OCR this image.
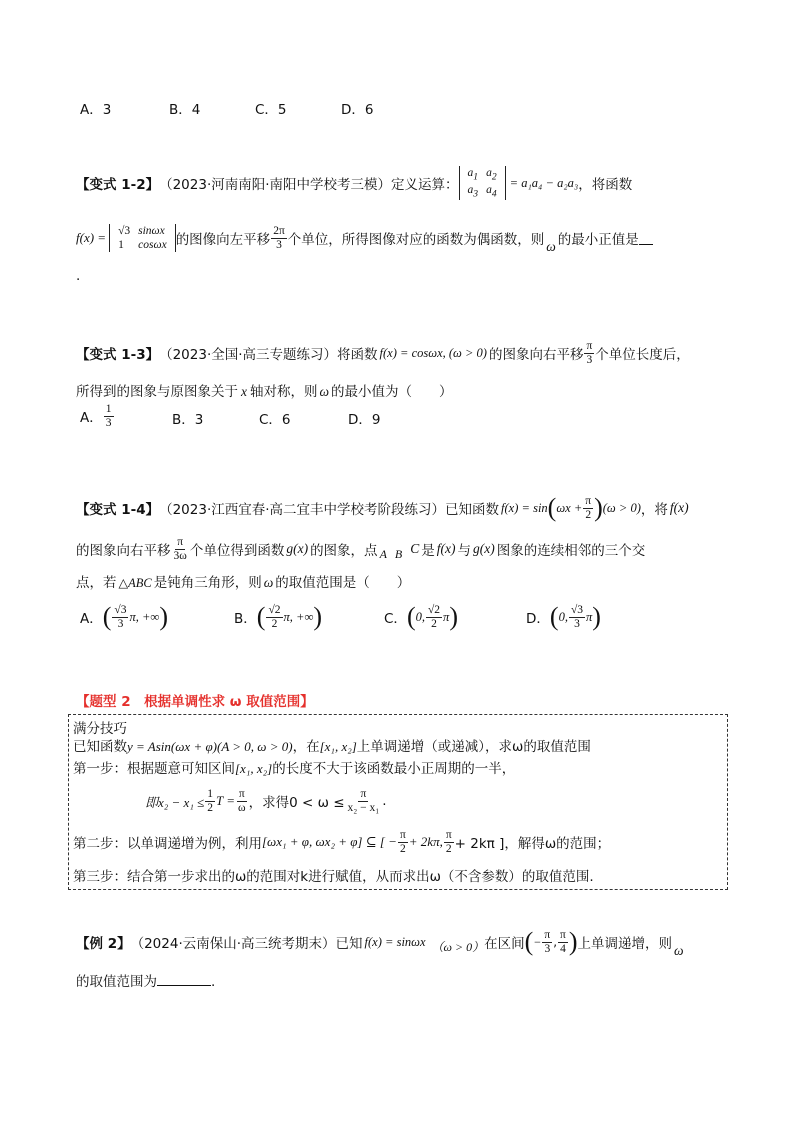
A．3	B．4	C．5	D．6
【变式 1-2】 （2023·河南南阳·南阳中学校考三模）定义运算：
$a_1$	$a_2$
$a_3$	$a_4$
= a₁a₄ − a₂a₃ ，将函数
f(x) = √3	sinωx
1	cosωx 的图像向左平移 $\frac{2\pi}{3}$ 个单位，所得图像对应的函数为偶函数，则 ω 的最小正值是
.
【变式 1-3】 （2023·全国·高三专题练习）将函数 f(x) = cosωx, (ω > 0) 的图象向右平移 $\frac{\pi}{3}$ 个单位长度后，
所得到的图象与原图象关于 x 轴对称，则 ω 的最小值为（　　）
A． $\frac{1}{3}$	B．3	C．6	D．9
【变式 1-4】 （2023·江西宜春·高二宜丰中学校考阶段练习）已知函数 f(x) = sin ( $\omega x + \frac{\pi}{2}$ ) (ω > 0) ，将 f(x)
的图象向右平移 $\frac{\pi}{3\omega}$ 个单位得到函数 g(x) 的图象，点 A B C 是 f(x) 与 g(x) 图象的连续相邻的三个交
点，若 △ABC 是钝角三角形，则 ω 的取值范围是（　　）
A． ( $\frac{√3}{3} \pi$, +∞ )	B． ( $\frac{√2}{2} \pi$, +∞ )	C． ( 0, $\frac{√2}{2}$ π )	D． ( 0, $\frac{√3}{3}$ π )
【题型 2　根据单调性求 ω 取值范围】
满分技巧
已知函数y = Asin(ωx + φ)(A > 0, ω > 0)，在[x₁, x₂]上单调递增（或递减），求ω的取值范围
第一步：根据题意可知区间[x₁, x₂]的长度不大于该函数最小正周期的一半，
即$x_2 - x_1 \le \frac{1}{2}$ $T = \frac{\pi}{\omega}$ ，求得$0 < \omega \le \frac{\pi}{\text{x₂ − x₁}}$ .
第二步：以单调递增为例，利用 [ωx₁ + φ, ωx₂ + φ] ⊆ [ − $\frac{\pi}{2} + 2k\pi$, $\frac{\pi}{2} + 2k\pi$ ]，解得ω的范围；
第三步：结合第一步求出的ω的范围对k进行赋值，从而求出ω（不含参数）的取值范围.
【例 2】 （2024·云南保山·高三统考期末）已知 f(x) = sinωx （ω > 0） 在区间 ( − $\frac{\pi}{3}$ , $\frac{\pi}{4}$ ) 上单调递增，则 ω
的取值范围为	.
